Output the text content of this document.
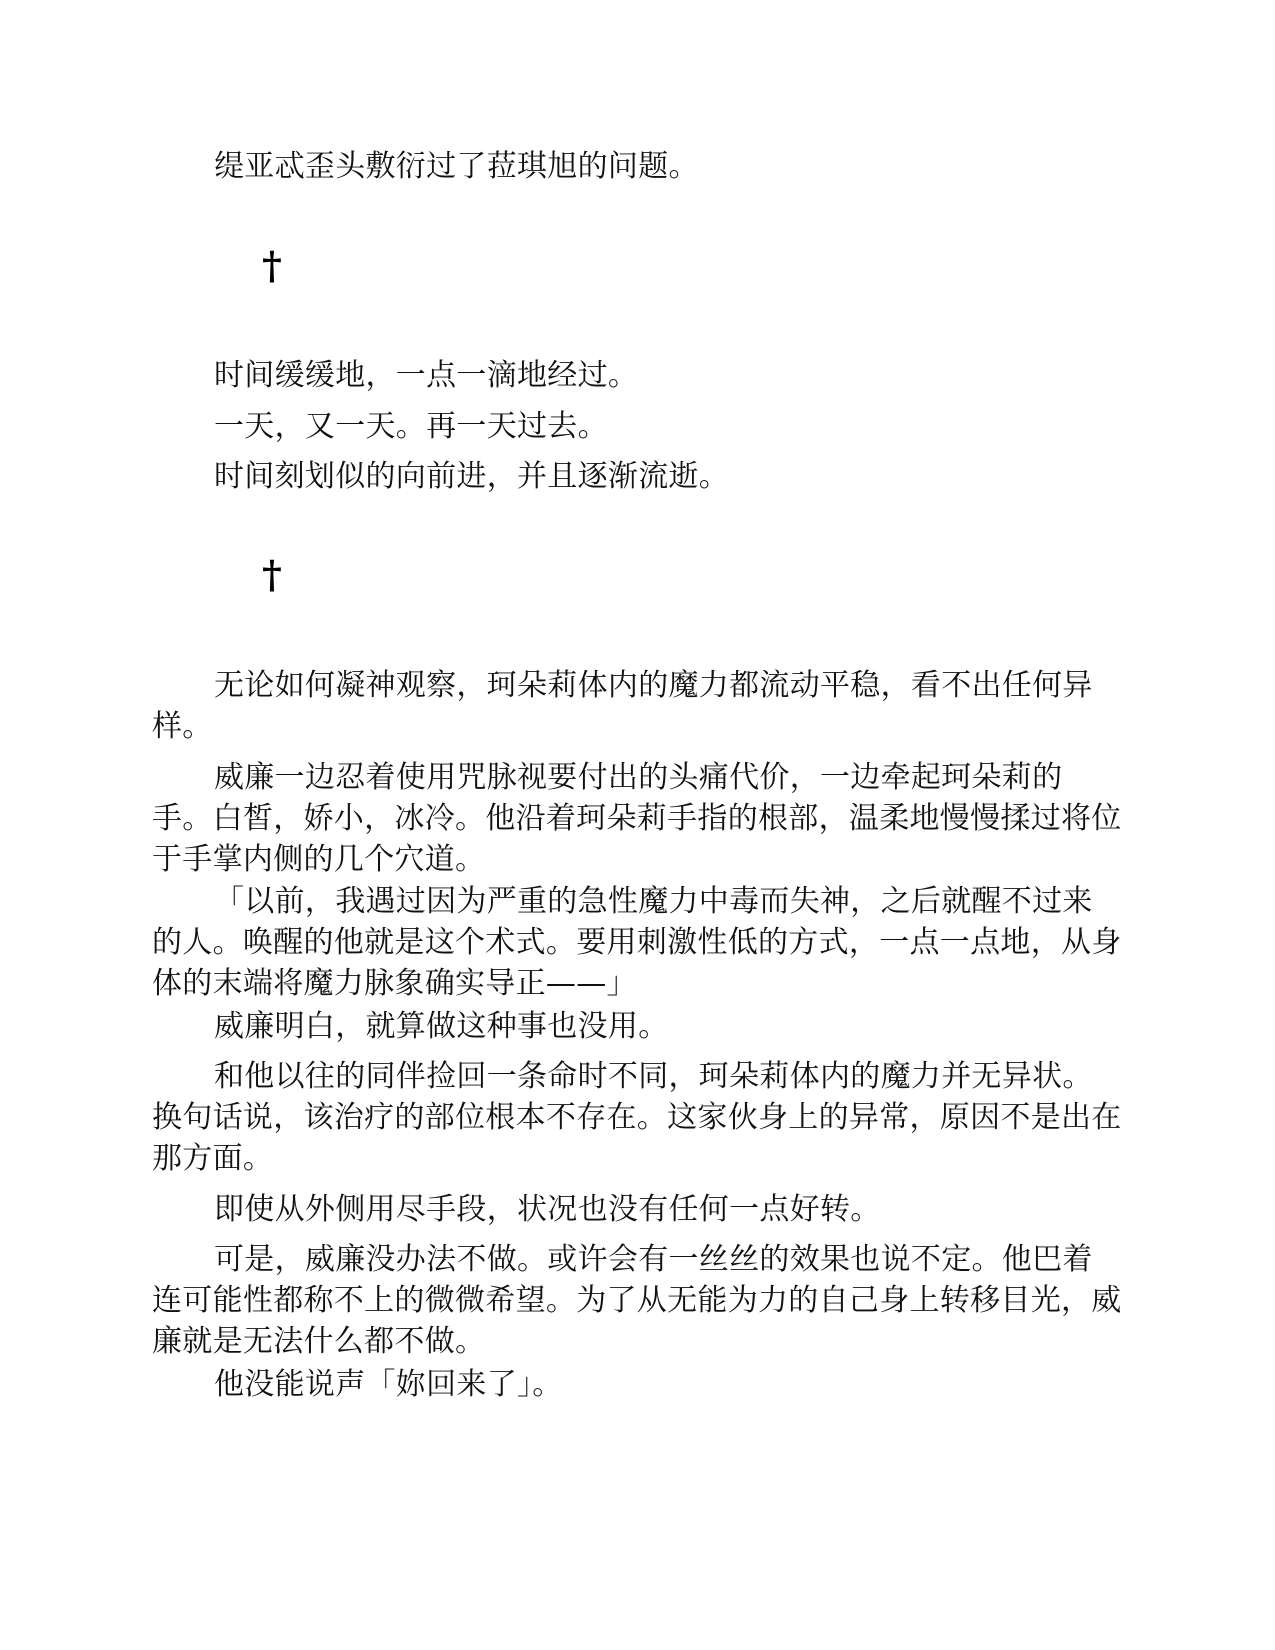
缇亚忒歪头敷衍过了菈琪旭的问题。

†

时间缓缓地，一点一滴地经过。

一天，又一天。再一天过去。

时间刻划似的向前进，并且逐渐流逝。

†

无论如何凝神观察，珂朵莉体内的魔力都流动平稳，看不出任何异样。

威廉一边忍着使用咒脉视要付出的头痛代价，一边牵起珂朵莉的手。白皙，娇小，冰冷。他沿着珂朵莉手指的根部，温柔地慢慢揉过将位于手掌内侧的几个穴道。

「以前，我遇过因为严重的急性魔力中毒而失神，之后就醒不过来的人。唤醒的他就是这个术式。要用刺激性低的方式，一点一点地，从身体的末端将魔力脉象确实导正——」

威廉明白，就算做这种事也没用。

和他以往的同伴捡回一条命时不同，珂朵莉体内的魔力并无异状。换句话说，该治疗的部位根本不存在。这家伙身上的异常，原因不是出在那方面。

即使从外侧用尽手段，状况也没有任何一点好转。

可是，威廉没办法不做。或许会有一丝丝的效果也说不定。他巴着连可能性都称不上的微微希望。为了从无能为力的自己身上转移目光，威廉就是无法什么都不做。

他没能说声「妳回来了」。
